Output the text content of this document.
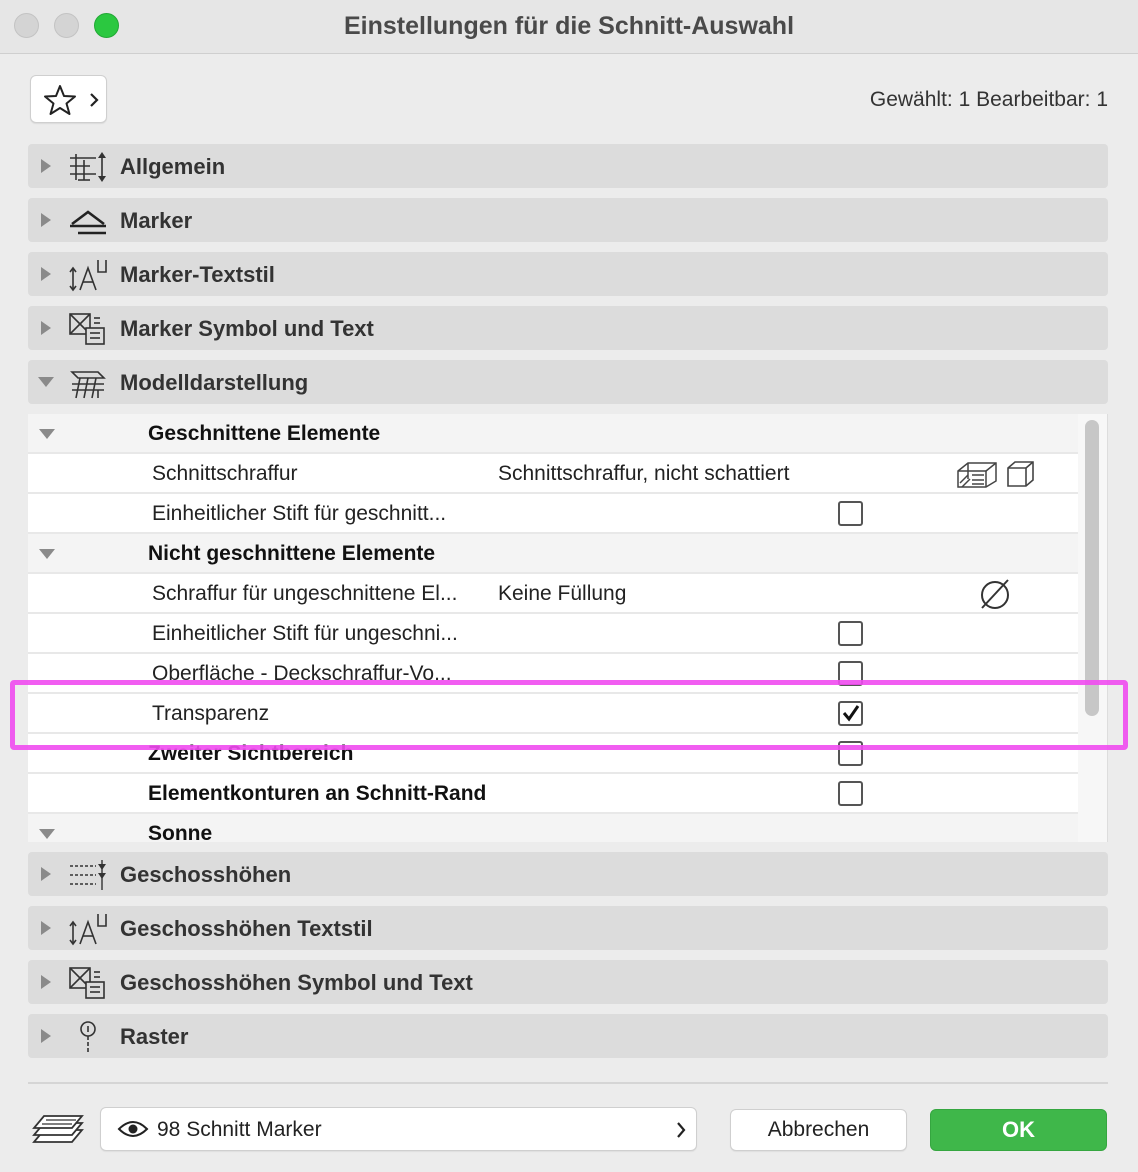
Einstellungen für die Schnitt-Auswahl
Gewählt: 1 Bearbeitbar: 1
Allgemein
Marker
Marker-Textstil
Marker Symbol und Text
Modelldarstellung
Geschnittene Elemente
Schnittschraffur	Schnittschraffur, nicht schattiert
Einheitlicher Stift für geschnitt...
Nicht geschnittene Elemente
Schraffur für ungeschnittene El... Keine Füllung
Einheitlicher Stift für ungeschni...
Oberfläche - Deckschraffur-Vo...
Transparenz
Zweiter Sichtbereich
Elementkonturen an Schnitt-Rand
Sonne
Geschosshöhen
Geschosshöhen Textstil
Geschosshöhen Symbol und Text
Raster
98 Schnitt Marker	Abbrechen	OK
